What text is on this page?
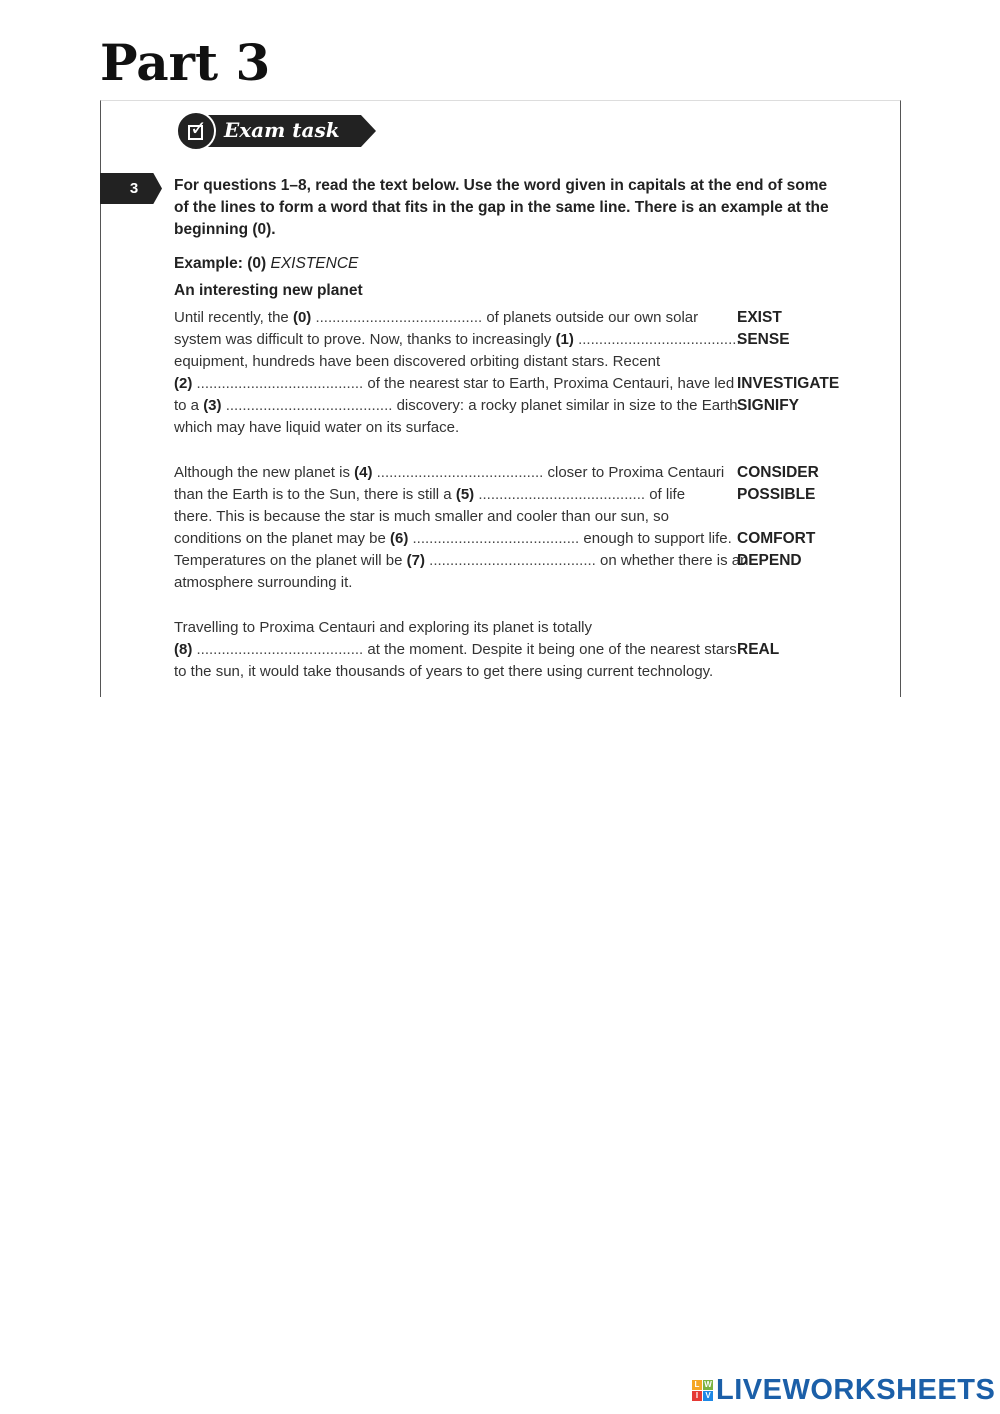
Part 3
✓ Exam task
3	For questions 1–8, read the text below. Use the word given in capitals at the end of some of the lines to form a word that fits in the gap in the same line. There is an example at the beginning (0).

Example: (0) EXISTENCE
An interesting new planet
Until recently, the (0) ........................................ of planets outside our own solar
system was difficult to prove. Now, thanks to increasingly (1) ........................................
equipment, hundreds have been discovered orbiting distant stars. Recent
(2) ........................................ of the nearest star to Earth, Proxima Centauri, have led
to a (3) ........................................ discovery: a rocky planet similar in size to the Earth
which may have liquid water on its surface.
Although the new planet is (4) ........................................ closer to Proxima Centauri
than the Earth is to the Sun, there is still a (5) ........................................ of life
there. This is because the star is much smaller and cooler than our sun, so
conditions on the planet may be (6) ........................................ enough to support life.
Temperatures on the planet will be (7) ........................................ on whether there is an
atmosphere surrounding it.
Travelling to Proxima Centauri and exploring its planet is totally
(8) ........................................ at the moment. Despite it being one of the nearest stars
to the sun, it would take thousands of years to get there using current technology.
EXIST
SENSE
INVESTIGATE
SIGNIFY
CONSIDER
POSSIBLE
COMFORT
DEPEND
REAL
L W
I V LIVEWORKSHEETS
